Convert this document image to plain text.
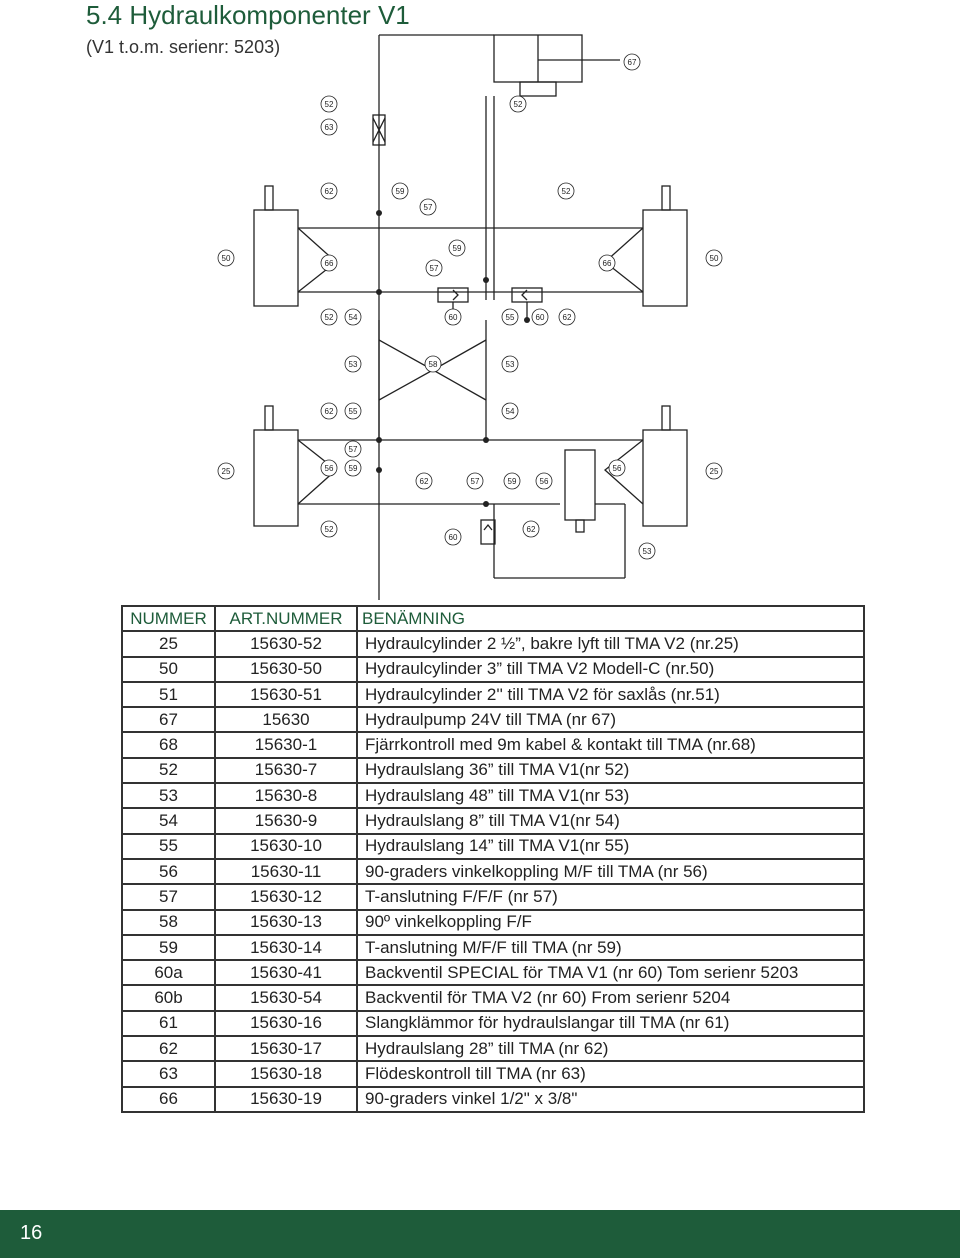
5.4 Hydraulkomponenter V1
(V1 t.o.m. serienr: 5203)
67
52	52
63
62	59
57
52
50
66
59
57
66
50
52 54	60	55	60 62
53	58	53
62 55	54
57
25	56 59
62	57	59	56
56	25
52
60
62
53
NUMMER	ART.NUMMER	BENÄMNING
25	15630-52	Hydraulcylinder 2 ½”, bakre lyft till TMA V2 (nr.25)
50	15630-50	Hydraulcylinder 3” till TMA V2 Modell-C (nr.50)
51	15630-51	Hydraulcylinder 2'' till TMA V2 för saxlås (nr.51)
67	15630	Hydraulpump 24V till TMA (nr 67)
68	15630-1	Fjärrkontroll med 9m kabel & kontakt till TMA (nr.68)
52	15630-7	Hydraulslang 36” till TMA V1(nr 52)
53	15630-8	Hydraulslang 48” till TMA V1(nr 53)
54	15630-9	Hydraulslang 8” till TMA V1(nr 54)
55	15630-10	Hydraulslang 14” till TMA V1(nr 55)
56	15630-11	90-graders vinkelkoppling M/F till TMA (nr 56)
57	15630-12	T-anslutning F/F/F (nr 57)
58	15630-13	90º vinkelkoppling F/F
59	15630-14	T-anslutning M/F/F till TMA (nr 59)
60a	15630-41	Backventil SPECIAL för TMA V1 (nr 60) Tom serienr 5203
60b	15630-54	Backventil för TMA V2 (nr 60) From serienr 5204
61	15630-16	Slangklämmor för hydraulslangar till TMA (nr 61)
62	15630-17	Hydraulslang 28” till TMA (nr 62)
63	15630-18	Flödeskontroll till TMA (nr 63)
66	15630-19	90-graders vinkel 1/2" x 3/8"
16
